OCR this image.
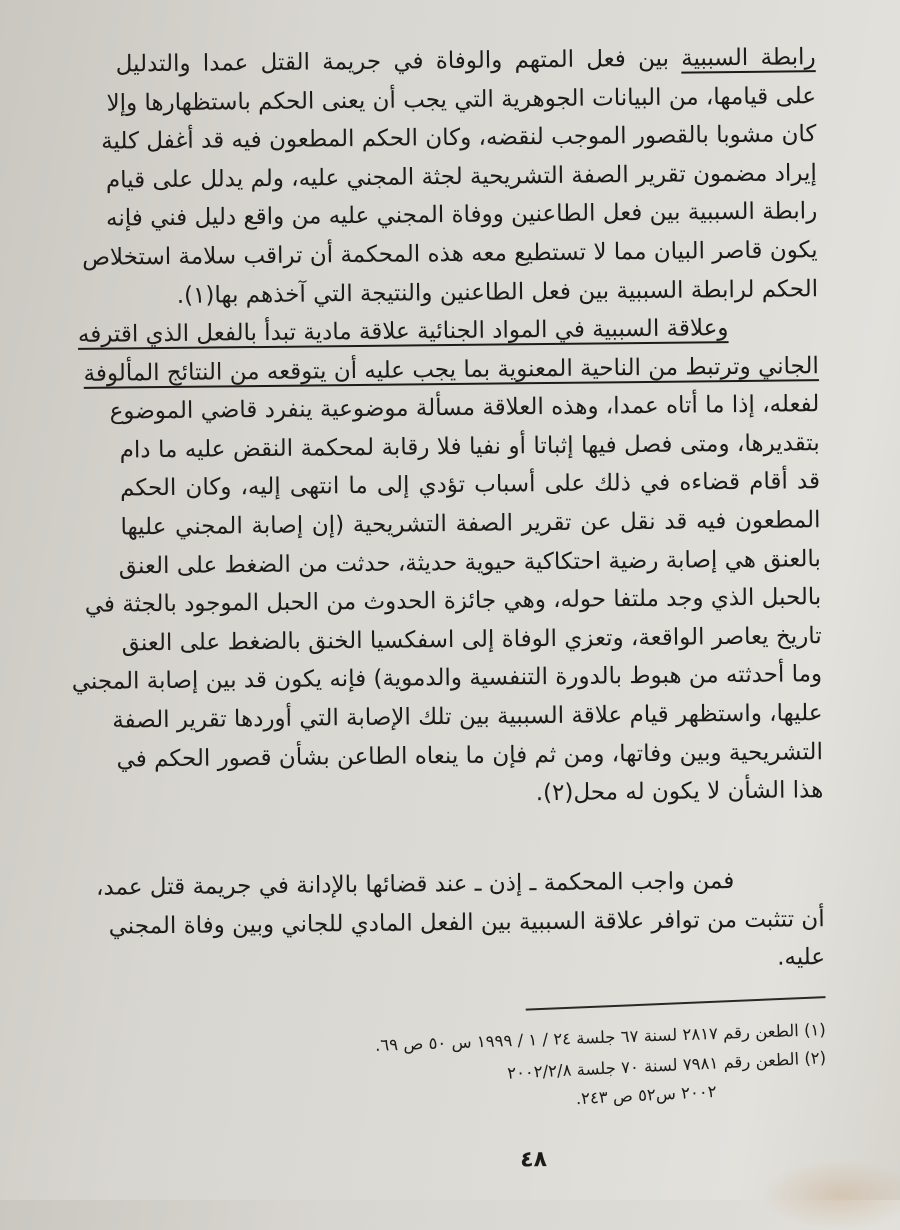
رابطة السببية بين فعل المتهم والوفاة في جريمة القتل عمدا والتدليل
على قيامها، من البيانات الجوهرية التي يجب أن يعنى الحكم باستظهارها وإلا
كان مشوبا بالقصور الموجب لنقضه، وكان الحكم المطعون فيه قد أغفل كلية
إيراد مضمون تقرير الصفة التشريحية لجثة المجني عليه، ولم يدلل على قيام
رابطة السببية بين فعل الطاعنين ووفاة المجني عليه من واقع دليل فني فإنه
يكون قاصر البيان مما لا تستطيع معه هذه المحكمة أن تراقب سلامة استخلاص
الحكم لرابطة السببية بين فعل الطاعنين والنتيجة التي آخذهم بها(١).
وعلاقة السببية في المواد الجنائية علاقة مادية تبدأ بالفعل الذي اقترفه
الجاني وترتبط من الناحية المعنوية بما يجب عليه أن يتوقعه من النتائج المألوفة
لفعله، إذا ما أتاه عمدا، وهذه العلاقة مسألة موضوعية ينفرد قاضي الموضوع
بتقديرها، ومتى فصل فيها إثباتا أو نفيا فلا رقابة لمحكمة النقض عليه ما دام
قد أقام قضاءه في ذلك على أسباب تؤدي إلى ما انتهى إليه، وكان الحكم
المطعون فيه قد نقل عن تقرير الصفة التشريحية (إن إصابة المجني عليها
بالعنق هي إصابة رضية احتكاكية حيوية حديثة، حدثت من الضغط على العنق
بالحبل الذي وجد ملتفا حوله، وهي جائزة الحدوث من الحبل الموجود بالجثة في
تاريخ يعاصر الواقعة، وتعزي الوفاة إلى اسفكسيا الخنق بالضغط على العنق
وما أحدثته من هبوط بالدورة التنفسية والدموية) فإنه يكون قد بين إصابة المجني
عليها، واستظهر قيام علاقة السببية بين تلك الإصابة التي أوردها تقرير الصفة
التشريحية وبين وفاتها، ومن ثم فإن ما ينعاه الطاعن بشأن قصور الحكم في
هذا الشأن لا يكون له محل(٢).
فمن واجب المحكمة ـ إذن ـ عند قضائها بالإدانة في جريمة قتل عمد،
أن تتثبت من توافر علاقة السببية بين الفعل المادي للجاني وبين وفاة المجني
عليه.
(١) الطعن رقم ٢٨١٧ لسنة ٦٧ جلسة ٢٤ / ١ / ١٩٩٩ س ٥٠ ص ٦٩.
(٢) الطعن رقم ٧٩٨١ لسنة ٧٠ جلسة ٢٠٠٢/٢/٨
٢٠٠٢ س٥٢ ص ٢٤٣.
٤٨
